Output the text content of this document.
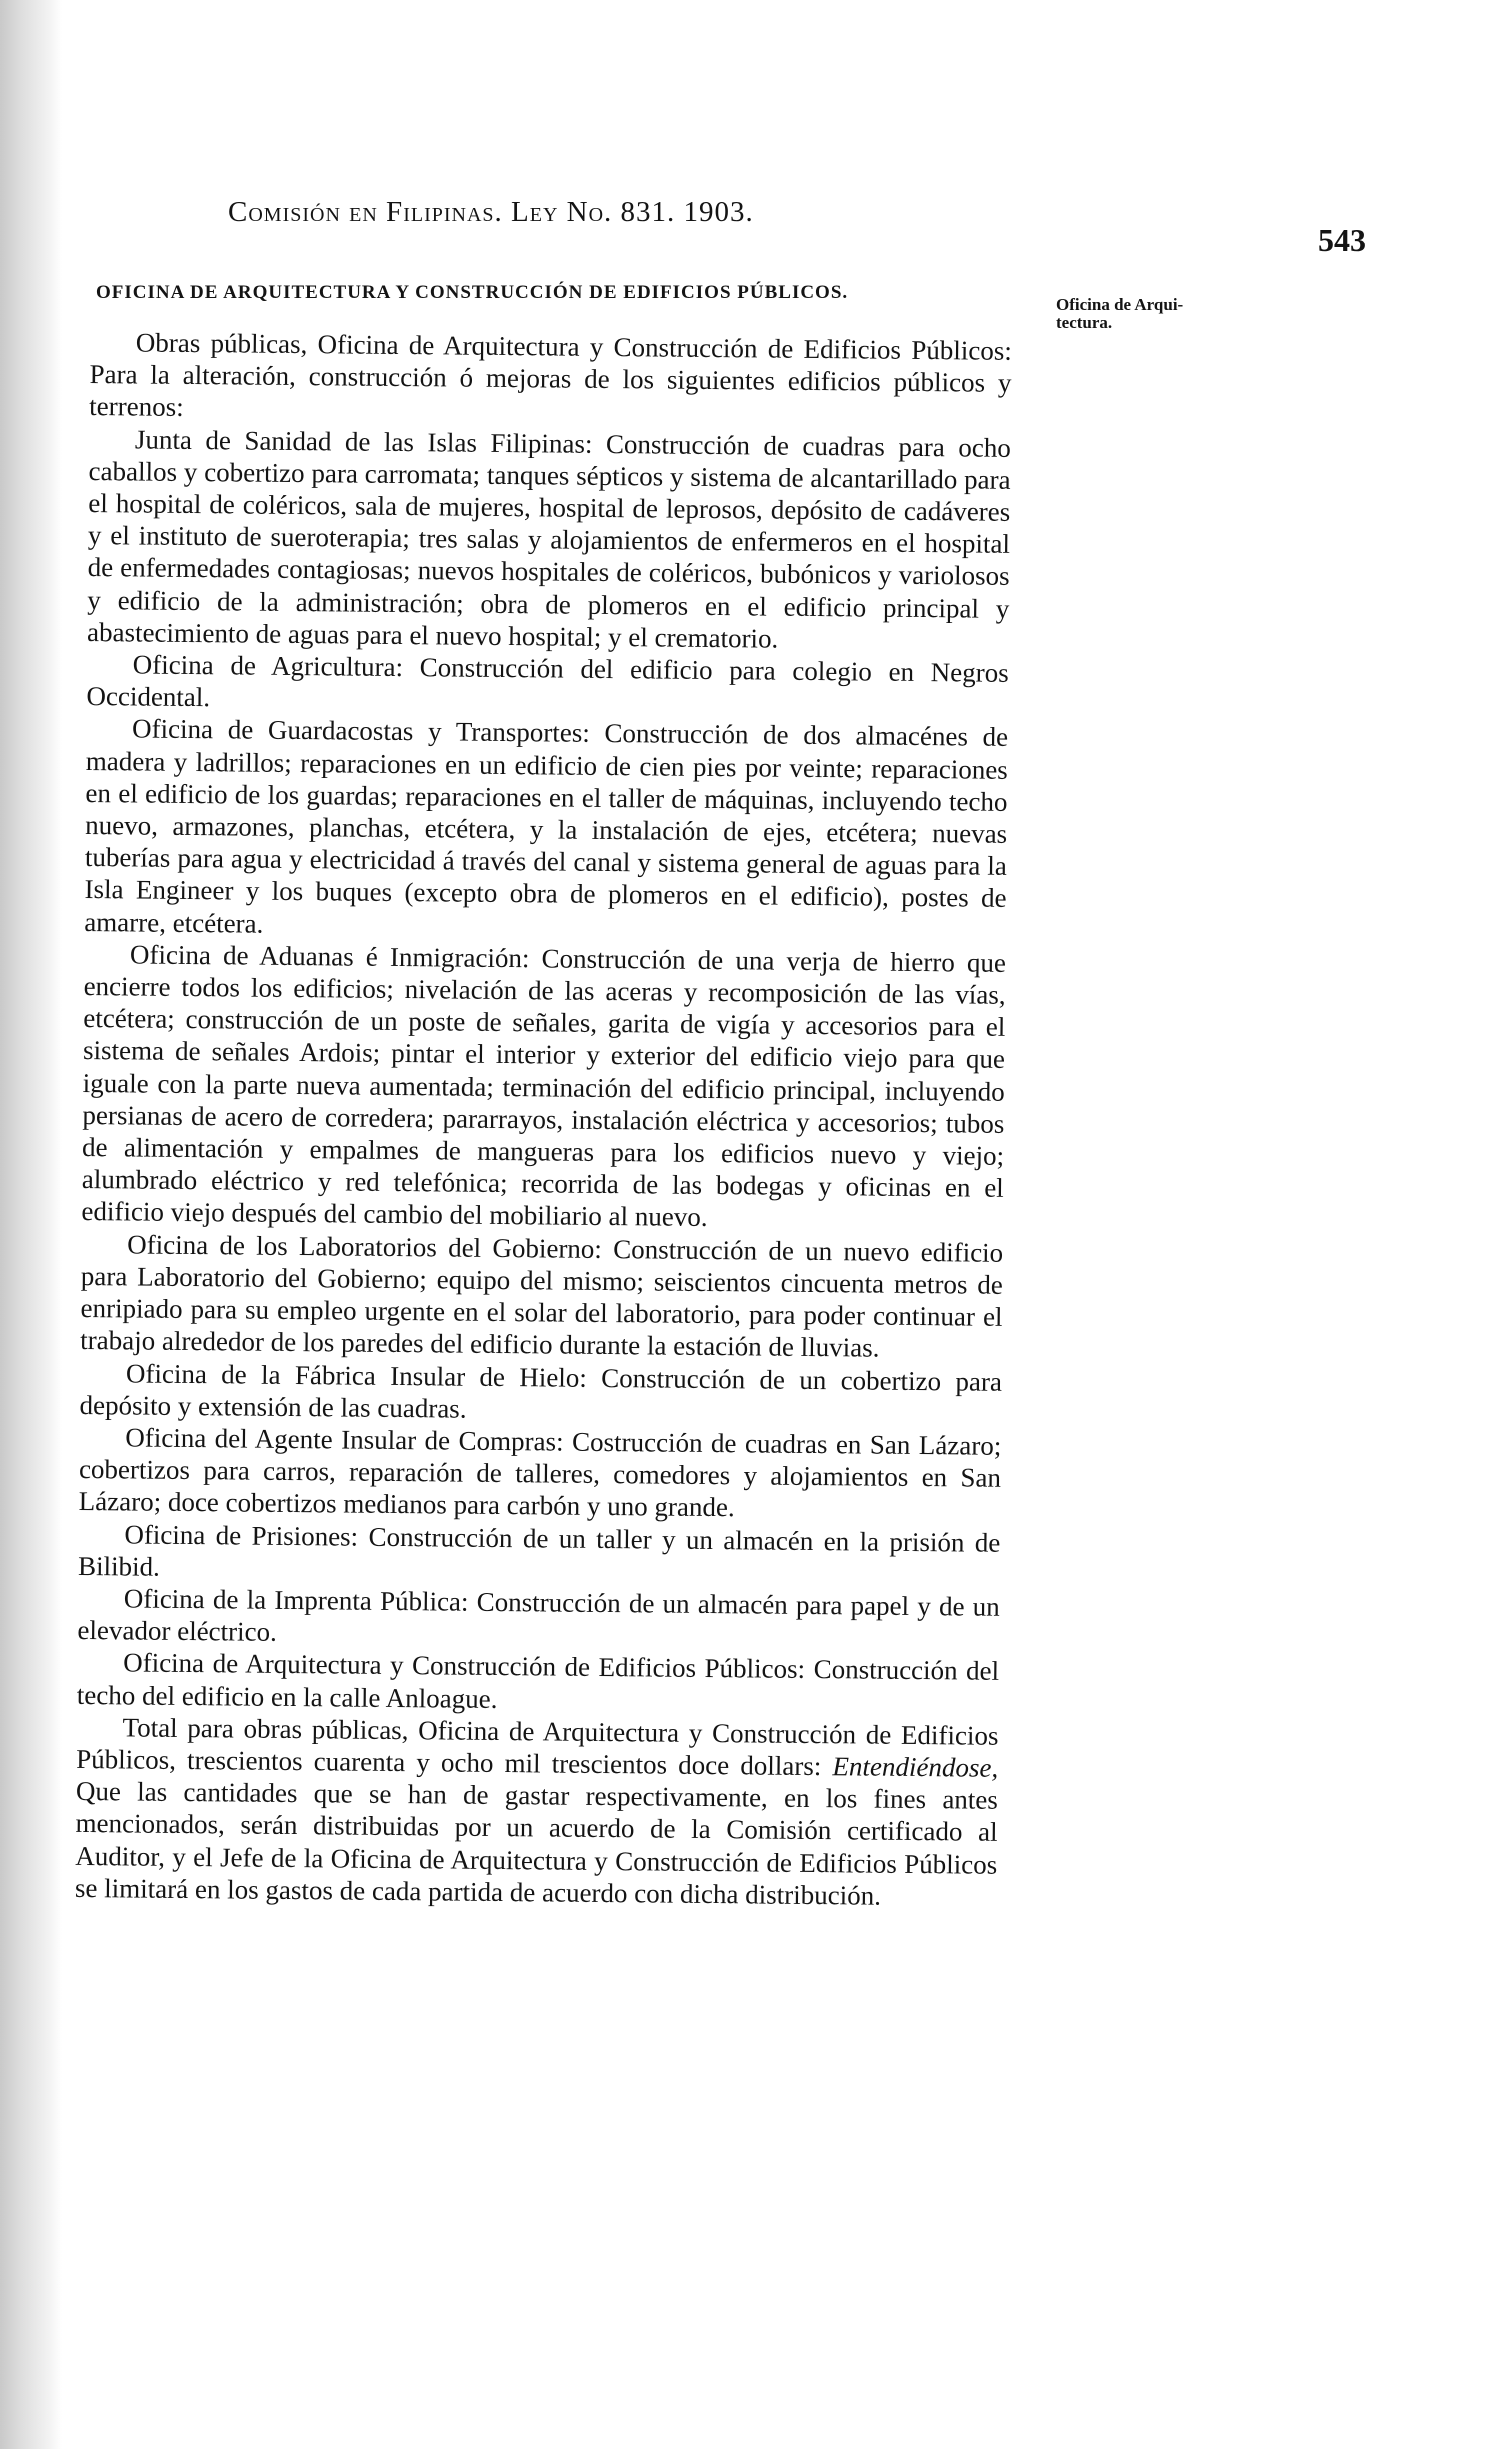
Comisión en Filipinas. Ley No. 831. 1903.
543
OFICINA DE ARQUITECTURA Y CONSTRUCCIÓN DE EDIFICIOS PÚBLICOS.
Oficina de Arqui-
tectura.

Obras públicas, Oficina de Arquitectura y Construcción de Edificios Públicos: Para la alteración, construcción ó mejoras de los siguientes edificios públicos y terrenos:

Junta de Sanidad de las Islas Filipinas: Construcción de cuadras para ocho caballos y cobertizo para carromata; tanques sépticos y sistema de alcantarillado para el hospital de coléricos, sala de mujeres, hospital de leprosos, depósito de cadáveres y el instituto de sueroterapia; tres salas y alojamientos de enfermeros en el hospital de enfermedades contagiosas; nuevos hospitales de coléricos, bubónicos y variolosos y edificio de la administración; obra de plomeros en el edificio principal y abastecimiento de aguas para el nuevo hospital; y el crematorio.

Oficina de Agricultura: Construcción del edificio para colegio en Negros Occidental.

Oficina de Guardacostas y Transportes: Construcción de dos almacénes de madera y ladrillos; reparaciones en un edificio de cien pies por veinte; reparaciones en el edificio de los guardas; reparaciones en el taller de máquinas, incluyendo techo nuevo, armazones, planchas, etcétera, y la instalación de ejes, etcétera; nuevas tuberías para agua y electricidad á través del canal y sistema general de aguas para la Isla Engineer y los buques (excepto obra de plomeros en el edificio), postes de amarre, etcétera.

Oficina de Aduanas é Inmigración: Construcción de una verja de hierro que encierre todos los edificios; nivelación de las aceras y recomposición de las vías, etcétera; construcción de un poste de señales, garita de vigía y accesorios para el sistema de señales Ardois; pintar el interior y exterior del edificio viejo para que iguale con la parte nueva aumentada; terminación del edificio principal, incluyendo persianas de acero de corredera; pararrayos, instalación eléctrica y accesorios; tubos de alimentación y empalmes de mangueras para los edificios nuevo y viejo; alumbrado eléctrico y red telefónica; recorrida de las bodegas y oficinas en el edificio viejo después del cambio del mobiliario al nuevo.

Oficina de los Laboratorios del Gobierno: Construcción de un nuevo edificio para Laboratorio del Gobierno; equipo del mismo; seiscientos cincuenta metros de enripiado para su empleo urgente en el solar del laboratorio, para poder continuar el trabajo alrededor de los paredes del edificio durante la estación de lluvias.

Oficina de la Fábrica Insular de Hielo: Construcción de un cobertizo para depósito y extensión de las cuadras.

Oficina del Agente Insular de Compras: Costrucción de cuadras en San Lázaro; cobertizos para carros, reparación de talleres, comedores y alojamientos en San Lázaro; doce cobertizos medianos para carbón y uno grande.

Oficina de Prisiones: Construcción de un taller y un almacén en la prisión de Bilibid.

Oficina de la Imprenta Pública: Construcción de un almacén para papel y de un elevador eléctrico.

Oficina de Arquitectura y Construcción de Edificios Públicos: Construcción del techo del edificio en la calle Anloague.

Total para obras públicas, Oficina de Arquitectura y Construcción de Edificios Públicos, trescientos cuarenta y ocho mil trescientos doce dollars: Entendiéndose, Que las cantidades que se han de gastar respectivamente, en los fines antes mencionados, serán distribuidas por un acuerdo de la Comisión certificado al Auditor, y el Jefe de la Oficina de Arquitectura y Construcción de Edificios Públicos se limitará en los gastos de cada partida de acuerdo con dicha distribución.
